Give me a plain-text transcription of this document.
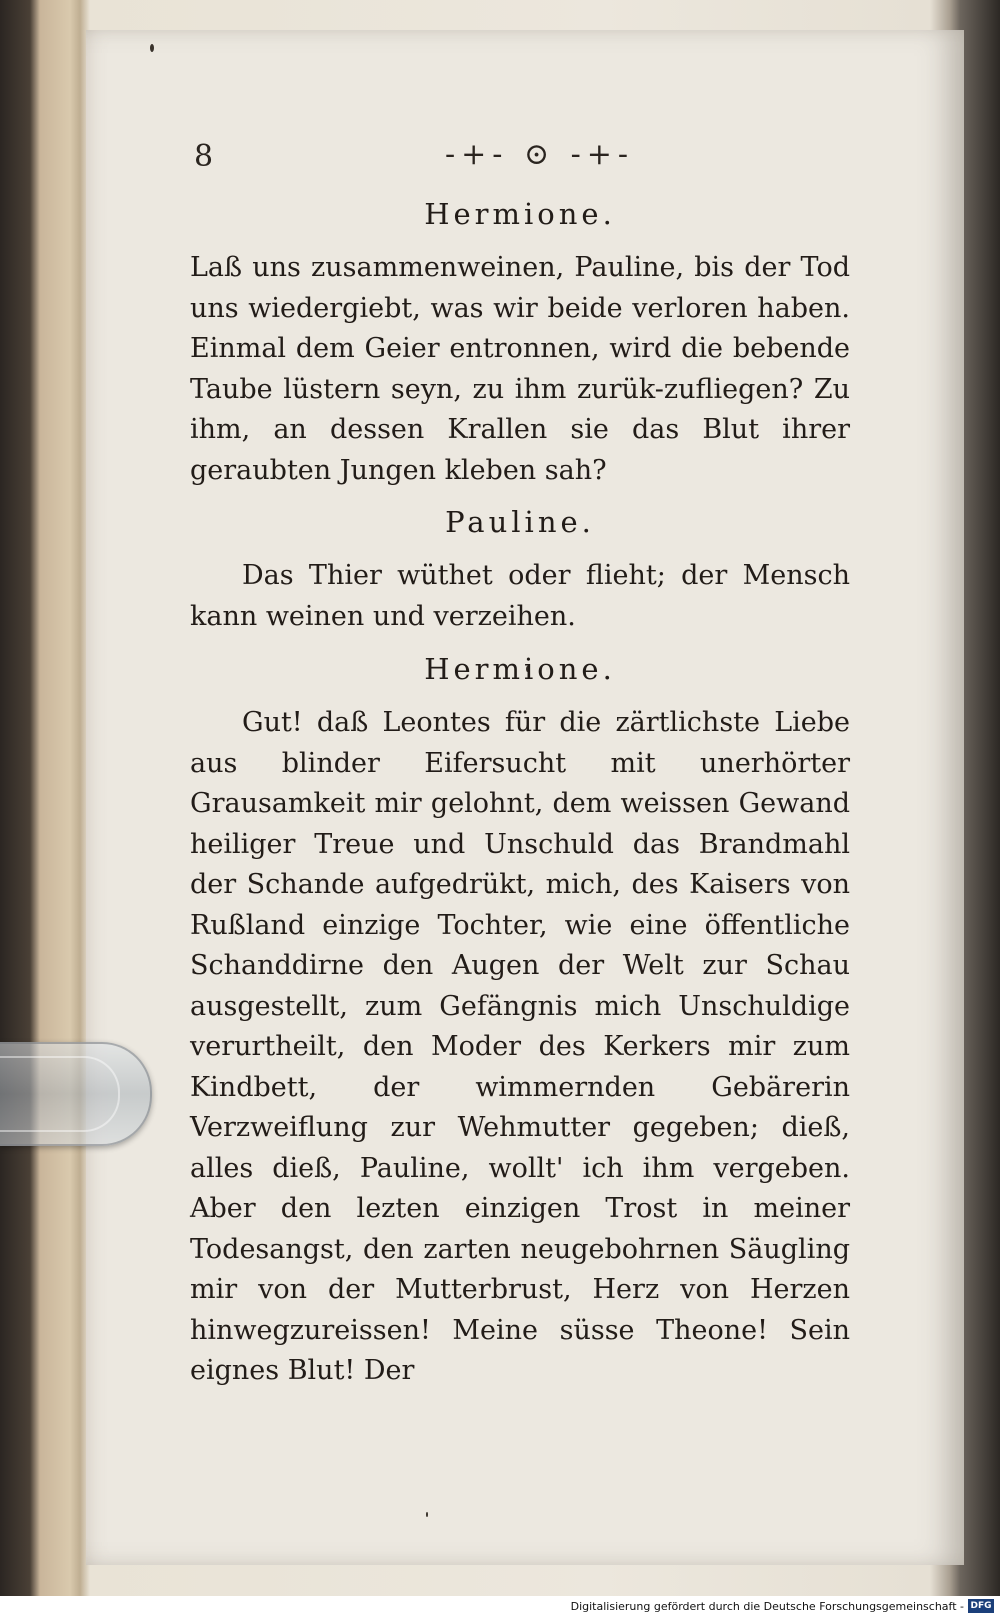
8	-+- ⊙ -+-
Hermione.

Laß uns zusammenweinen, Pauline, bis der Tod uns wiedergiebt, was wir beide verloren haben. Einmal dem Geier entronnen, wird die bebende Taube lüstern seyn, zu ihm zurük-zufliegen? Zu ihm, an dessen Krallen sie das Blut ihrer geraubten Jungen kleben sah?

Pauline.

Das Thier wüthet oder flieht; der Mensch kann weinen und verzeihen.

Hermione.

Gut! daß Leontes für die zärtlichste Liebe aus blinder Eifersucht mit unerhörter Grausamkeit mir gelohnt, dem weissen Gewand heiliger Treue und Unschuld das Brandmahl der Schande aufgedrükt, mich, des Kaisers von Rußland einzige Tochter, wie eine öffentliche Schanddirne den Augen der Welt zur Schau ausgestellt, zum Gefängnis mich Unschuldige verurtheilt, den Moder des Kerkers mir zum Kindbett, der wimmernden Gebärerin Verzweiflung zur Wehmutter gegeben; dieß, alles dieß, Pauline, wollt' ich ihm vergeben. Aber den lezten einzigen Trost in meiner Todesangst, den zarten neugebohrnen Säugling mir von der Mutterbrust, Herz von Herzen hinwegzureissen! Meine süsse Theone! Sein eignes Blut! Der

Digitalisierung gefördert durch die Deutsche Forschungsgemeinschaft - DFG
